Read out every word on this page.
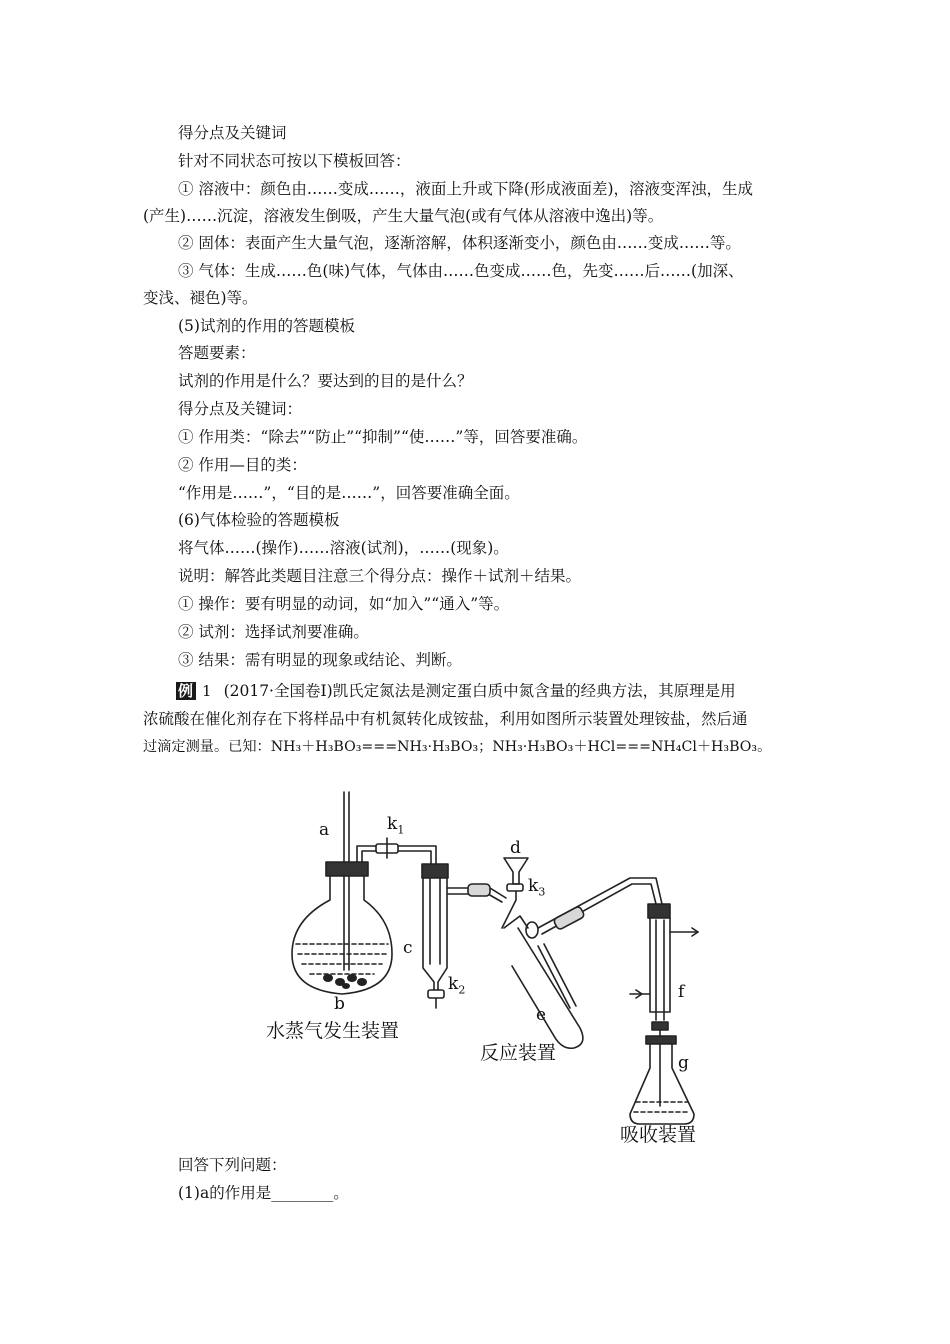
得分点及关键词
针对不同状态可按以下模板回答：
① 溶液中：颜色由……变成……，液面上升或下降(形成液面差)，溶液变浑浊，生成
(产生)……沉淀，溶液发生倒吸，产生大量气泡(或有气体从溶液中逸出)等。
② 固体：表面产生大量气泡，逐渐溶解，体积逐渐变小，颜色由……变成……等。
③ 气体：生成……色(味)气体，气体由……色变成……色，先变……后……(加深、
变浅、褪色)等。
(5)试剂的作用的答题模板
答题要素：
试剂的作用是什么？要达到的目的是什么？
得分点及关键词：
① 作用类：“除去”“防止”“抑制”“使……”等，回答要准确。
② 作用—目的类：
“作用是……”，“目的是……”，回答要准确全面。
(6)气体检验的答题模板
将气体……(操作)……溶液(试剂)，……(现象)。
说明：解答此类题目注意三个得分点：操作＋试剂＋结果。
① 操作：要有明显的动词，如“加入”“通入”等。
② 试剂：选择试剂要准确。
③ 结果：需有明显的现象或结论、判断。
例 1 (2017·全国卷Ⅰ)凯氏定氮法是测定蛋白质中氮含量的经典方法，其原理是用
浓硫酸在催化剂存在下将样品中有机氮转化成铵盐，利用如图所示装置处理铵盐，然后通
过滴定测量。已知：NH₃＋H₃BO₃===NH₃·H₃BO₃；NH₃·H₃BO₃＋HCl===NH₄Cl＋H₃BO₃。
a
b
c
d
e
f
g
$k_1$
$k_2$
$k_3$
水蒸气发生装置
反应装置
吸收装置
回答下列问题：
(1)a的作用是________。
